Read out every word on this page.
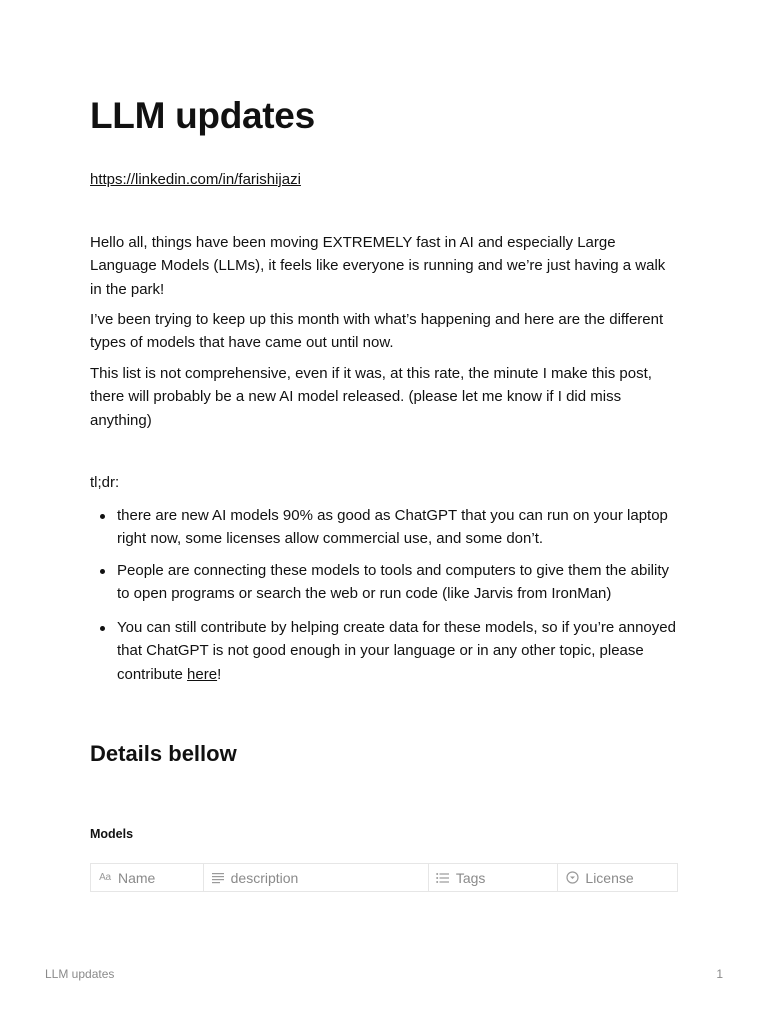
LLM updates
https://linkedin.com/in/farishijazi

Hello all, things have been moving EXTREMELY fast in AI and especially Large Language Models (LLMs), it feels like everyone is running and we’re just having a walk in the park!

I’ve been trying to keep up this month with what’s happening and here are the different types of models that have came out until now.

This list is not comprehensive, even if it was, at this rate, the minute I make this post, there will probably be a new AI model released. (please let me know if I did miss anything)

tl;dr:

there are new AI models 90% as good as ChatGPT that you can run on your laptop right now, some licenses allow commercial use, and some don’t.
People are connecting these models to tools and computers to give them the ability to open programs or search the web or run code (like Jarvis from IronMan)
You can still contribute by helping create data for these models, so if you’re annoyed that ChatGPT is not good enough in your language or in any other topic, please contribute here!
Details bellow
Models
Aa Name	description	Tags	License
LLM updates	1
